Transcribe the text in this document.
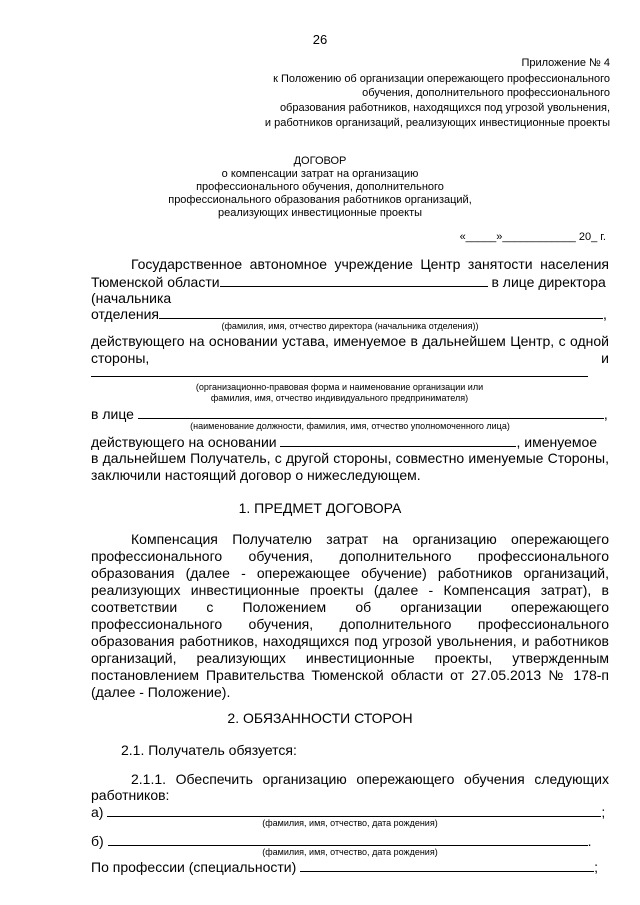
26
Приложение № 4
к Положению об организации опережающего профессионального
обучения, дополнительного профессионального
образования работников, находящихся под угрозой увольнения,
и работников организаций, реализующих инвестиционные проекты
ДОГОВОР
о компенсации затрат на организацию
профессионального обучения, дополнительного
профессионального образования работников организаций,
реализующих инвестиционные проекты
«_____»____________ 20_ г.
Государственное автономное учреждение Центр занятости населения
Тюменской области	в лице директора
(начальника
отделения	,
(фамилия, имя, отчество директора (начальника отделения))
действующего на основании устава, именуемое в дальнейшем Центр, с одной
стороны,	и
(организационно-правовая форма и наименование организации или
фамилия, имя, отчество индивидуального предпринимателя)
в лице	,
(наименование должности, фамилия, имя, отчество уполномоченного лица)
действующего на основании	, именуемое
в дальнейшем Получатель, с другой стороны, совместно именуемые Стороны,
заключили настоящий договор о нижеследующем.
1. ПРЕДМЕТ ДОГОВОРА
Компенсация Получателю затрат на организацию опережающего
профессионального обучения, дополнительного профессионального
образования (далее - опережающее обучение) работников организаций,
реализующих инвестиционные проекты (далее - Компенсация затрат), в
соответствии с Положением об организации опережающего
профессионального обучения, дополнительного профессионального
образования работников, находящихся под угрозой увольнения, и работников
организаций, реализующих инвестиционные проекты, утвержденным
постановлением Правительства Тюменской области от 27.05.2013 № 178-п
(далее - Положение).
2. ОБЯЗАННОСТИ СТОРОН
2.1. Получатель обязуется:
2.1.1. Обеспечить организацию опережающего обучения следующих
работников:
а)	;
(фамилия, имя, отчество, дата рождения)
б)	.
(фамилия, имя, отчество, дата рождения)
По профессии (специальности)	;
